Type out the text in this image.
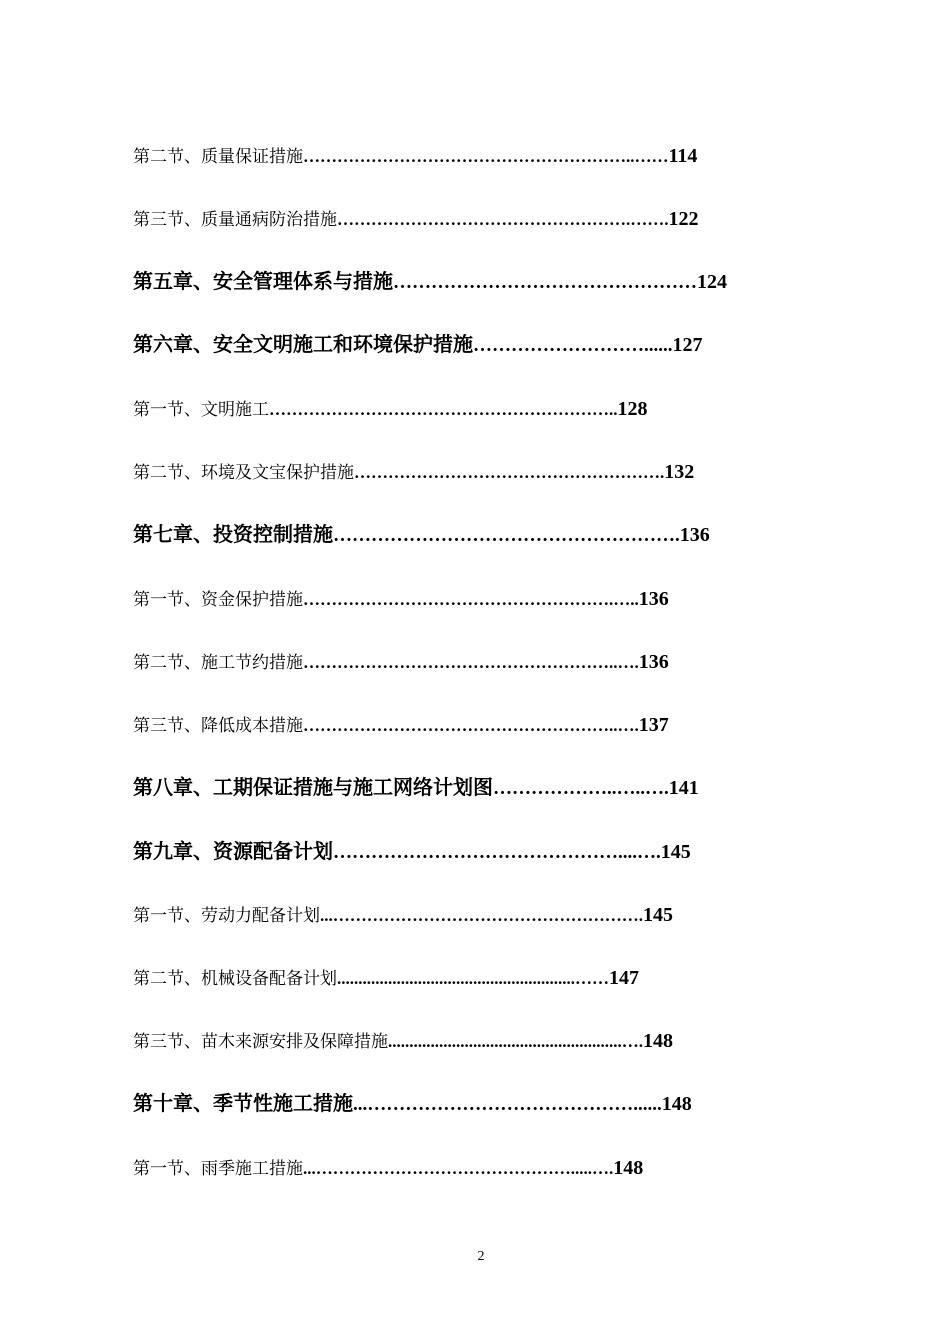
第二节、质量保证措施…………………………………………………..……114
第三节、质量通病防治措施…………………………………………….…….122
第五章、安全管理体系与措施…………………………………………124
第六章、安全文明施工和环境保护措施………………………......127
第一节、文明施工……………………………………………………..128
第二节、环境及文宝保护措施……………………………………………….132
第七章、投资控制措施……………………………………………….136
第一节、资金保护措施……………………………………………….…..136
第二节、施工节约措施………………………………………………..….136
第三节、降低成本措施………………………………………………..….137
第八章、工期保证措施与施工网络计划图………………..…..….141
第九章、资源配备计划………………………………………....….145
第一节、劳动力配备计划...……………………………………………….145
第二节、机械设备配备计划........................................................……147
第三节、苗木来源安排及保障措施.......................................................….148
第十章、季节性施工措施...……………………………………......148
第一节、雨季施工措施...……………………………………….....….148
2
